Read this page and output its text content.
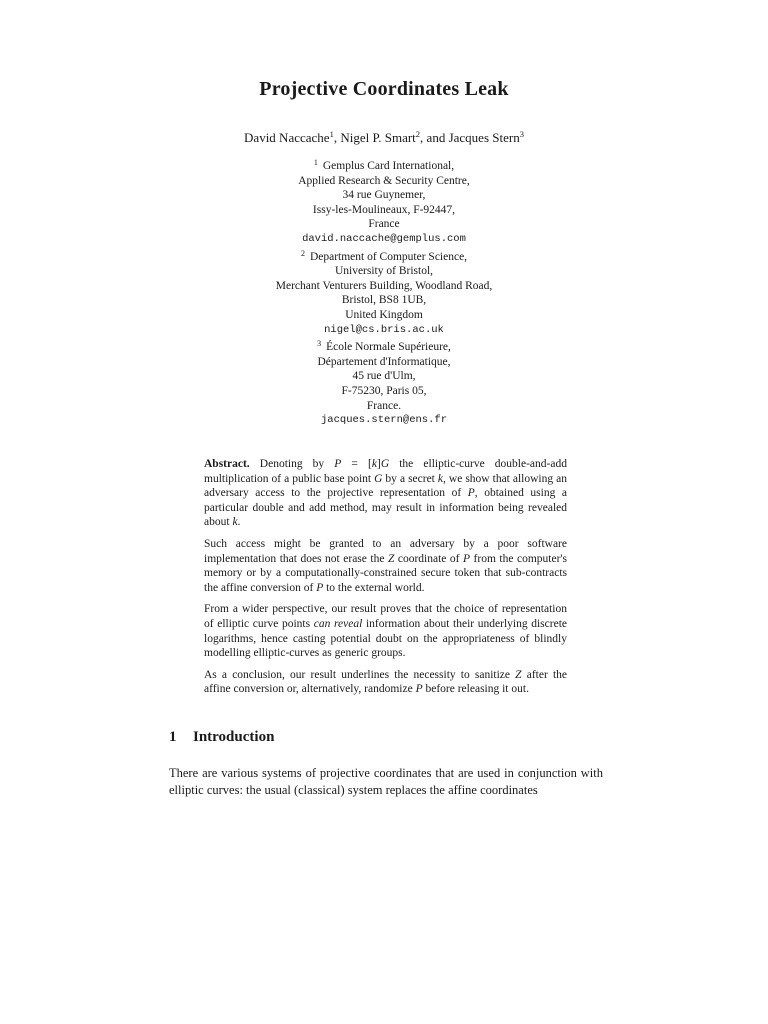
Projective Coordinates Leak
David Naccache$^1$, Nigel P. Smart$^2$, and Jacques Stern$^3$
$^1$ Gemplus Card International,
Applied Research & Security Centre,
34 rue Guynemer,
Issy-les-Moulineaux, F-92447,
France
david.naccache@gemplus.com
$^2$ Department of Computer Science,
University of Bristol,
Merchant Venturers Building, Woodland Road,
Bristol, BS8 1UB,
United Kingdom
nigel@cs.bris.ac.uk
$^3$ École Normale Supérieure,
Département d'Informatique,
45 rue d'Ulm,
F-75230, Paris 05,
France.
jacques.stern@ens.fr

Abstract. Denoting by P = [k]G the elliptic-curve double-and-add multiplication of a public base point G by a secret k, we show that allowing an adversary access to the projective representation of P, obtained using a particular double and add method, may result in information being revealed about k.

Such access might be granted to an adversary by a poor software implementation that does not erase the Z coordinate of P from the computer's memory or by a computationally-constrained secure token that sub-contracts the affine conversion of P to the external world.

From a wider perspective, our result proves that the choice of representation of elliptic curve points can reveal information about their underlying discrete logarithms, hence casting potential doubt on the appropriateness of blindly modelling elliptic-curves as generic groups.

As a conclusion, our result underlines the necessity to sanitize Z after the affine conversion or, alternatively, randomize P before releasing it out.

1 Introduction

There are various systems of projective coordinates that are used in conjunction with elliptic curves: the usual (classical) system replaces the affine coordinates
